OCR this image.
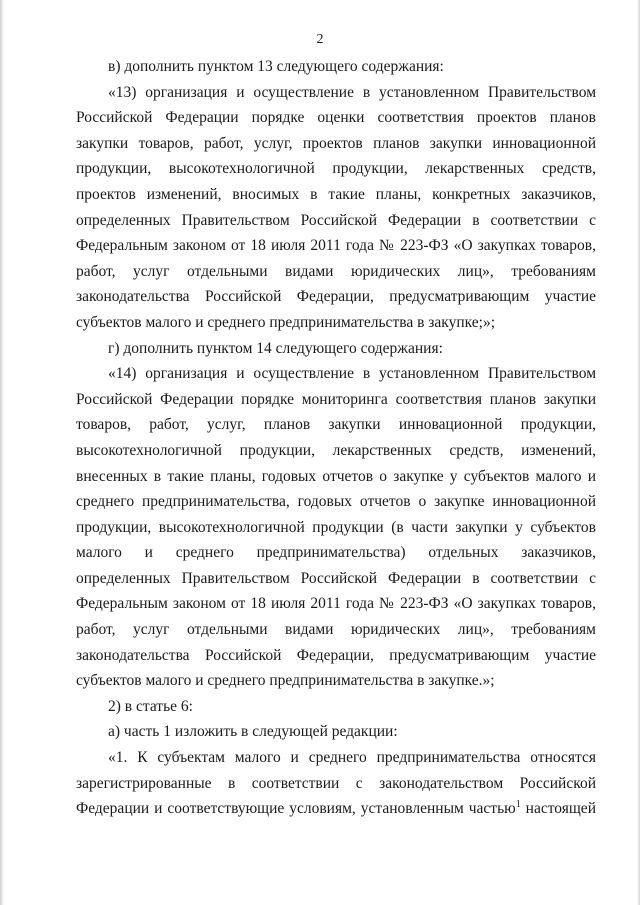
2

в) дополнить пунктом 13 следующего содержания:

«13) организация и осуществление в установленном Правительством Российской Федерации порядке оценки соответствия проектов планов закупки товаров, работ, услуг, проектов планов закупки инновационной продукции, высокотехнологичной продукции, лекарственных средств, проектов изменений, вносимых в такие планы, конкретных заказчиков, определенных Правительством Российской Федерации в соответствии с Федеральным законом от 18 июля 2011 года № 223-ФЗ «О закупках товаров, работ, услуг отдельными видами юридических лиц», требованиям законодательства Российской Федерации, предусматривающим участие субъектов малого и среднего предпринимательства в закупке;»;

г) дополнить пунктом 14 следующего содержания:

«14) организация и осуществление в установленном Правительством Российской Федерации порядке мониторинга соответствия планов закупки товаров, работ, услуг, планов закупки инновационной продукции, высокотехнологичной продукции, лекарственных средств, изменений, внесенных в такие планы, годовых отчетов о закупке у субъектов малого и среднего предпринимательства, годовых отчетов о закупке инновационной продукции, высокотехнологичной продукции (в части закупки у субъектов малого и среднего предпринимательства) отдельных заказчиков, определенных Правительством Российской Федерации в соответствии с Федеральным законом от 18 июля 2011 года № 223-ФЗ «О закупках товаров, работ, услуг отдельными видами юридических лиц», требованиям законодательства Российской Федерации, предусматривающим участие субъектов малого и среднего предпринимательства в закупке.»;

2) в статье 6:

а) часть 1 изложить в следующей редакции:

«1. К субъектам малого и среднего предпринимательства относятся зарегистрированные в соответствии с законодательством Российской Федерации и соответствующие условиям, установленным частью$^1$ настоящей
